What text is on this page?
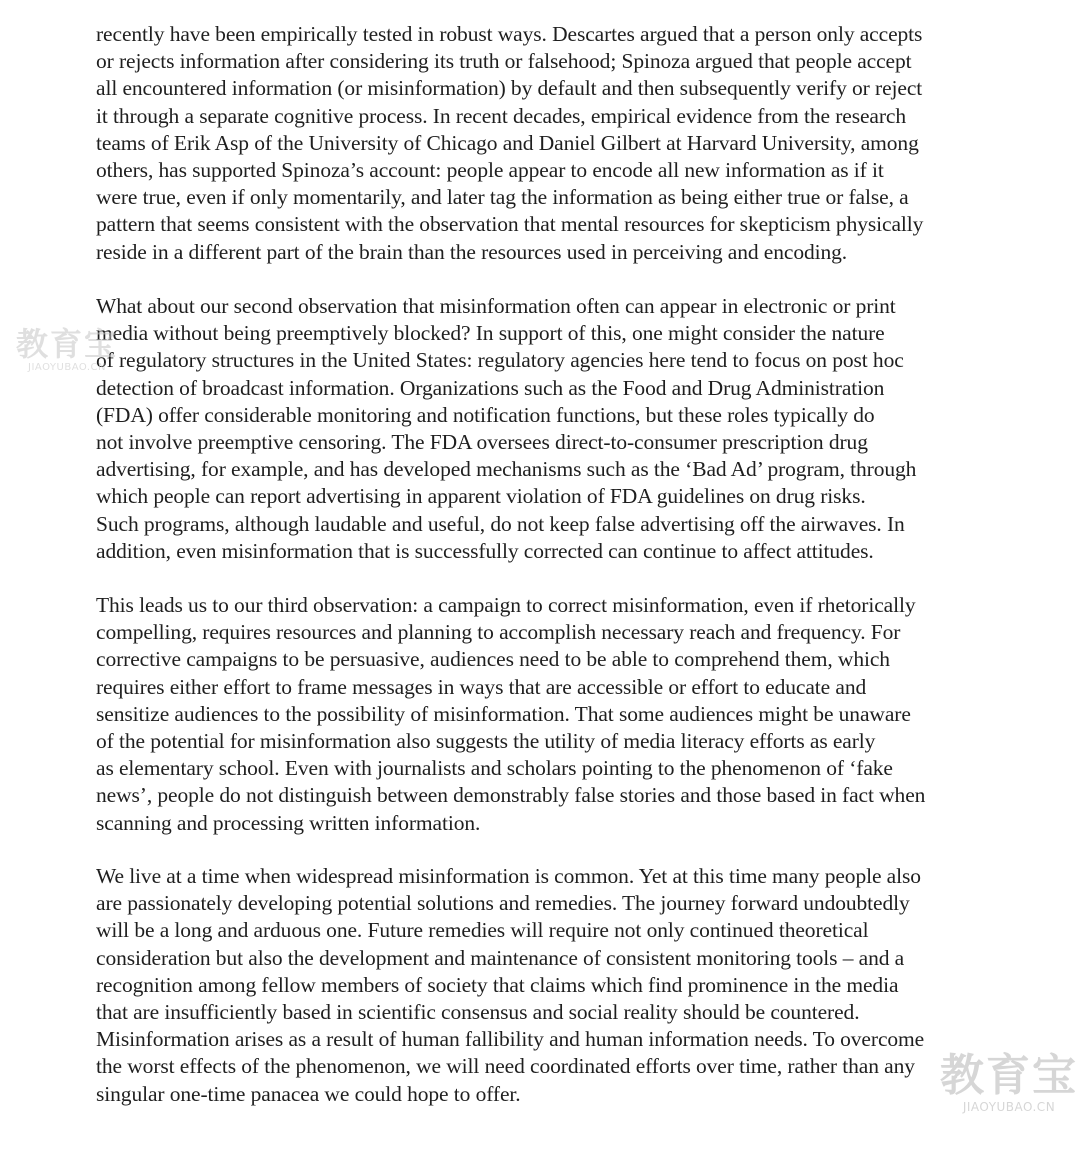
recently have been empirically tested in robust ways. Descartes argued that a person only accepts
or rejects information after considering its truth or falsehood; Spinoza argued that people accept
all encountered information (or misinformation) by default and then subsequently verify or reject
it through a separate cognitive process. In recent decades, empirical evidence from the research
teams of Erik Asp of the University of Chicago and Daniel Gilbert at Harvard University, among
others, has supported Spinoza’s account: people appear to encode all new information as if it
were true, even if only momentarily, and later tag the information as being either true or false, a
pattern that seems consistent with the observation that mental resources for skepticism physically
reside in a different part of the brain than the resources used in perceiving and encoding.
What about our second observation that misinformation often can appear in electronic or print
media without being preemptively blocked? In support of this, one might consider the nature
of regulatory structures in the United States: regulatory agencies here tend to focus on post hoc
detection of broadcast information. Organizations such as the Food and Drug Administration
(FDA) offer considerable monitoring and notification functions, but these roles typically do
not involve preemptive censoring. The FDA oversees direct-to-consumer prescription drug
advertising, for example, and has developed mechanisms such as the ‘Bad Ad’ program, through
which people can report advertising in apparent violation of FDA guidelines on drug risks.
Such programs, although laudable and useful, do not keep false advertising off the airwaves. In
addition, even misinformation that is successfully corrected can continue to affect attitudes.
This leads us to our third observation: a campaign to correct misinformation, even if rhetorically
compelling, requires resources and planning to accomplish necessary reach and frequency. For
corrective campaigns to be persuasive, audiences need to be able to comprehend them, which
requires either effort to frame messages in ways that are accessible or effort to educate and
sensitize audiences to the possibility of misinformation. That some audiences might be unaware
of the potential for misinformation also suggests the utility of media literacy efforts as early
as elementary school. Even with journalists and scholars pointing to the phenomenon of ‘fake
news’, people do not distinguish between demonstrably false stories and those based in fact when
scanning and processing written information.
We live at a time when widespread misinformation is common. Yet at this time many people also
are passionately developing potential solutions and remedies. The journey forward undoubtedly
will be a long and arduous one. Future remedies will require not only continued theoretical
consideration but also the development and maintenance of consistent monitoring tools – and a
recognition among fellow members of society that claims which find prominence in the media
that are insufficiently based in scientific consensus and social reality should be countered.
Misinformation arises as a result of human fallibility and human information needs. To overcome
the worst effects of the phenomenon, we will need coordinated efforts over time, rather than any
singular one-time panacea we could hope to offer.
教育宝
JIAOYUBAO.CN
教育宝
JIAOYUBAO.CN
